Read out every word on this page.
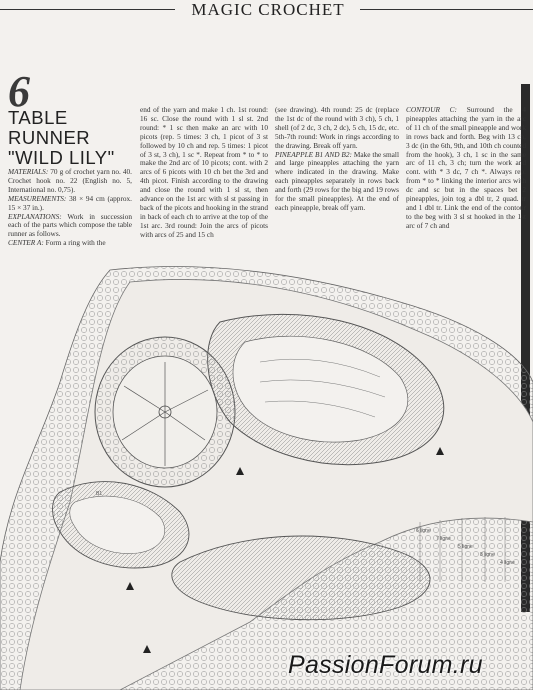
MAGIC CROCHET
6
TABLE
RUNNER
"WILD LILY"

MATERIALS: 70 g of crochet yarn no. 40. Crochet hook no. 22 (English no. 5, International no. 0,75).

MEASUREMENTS: 38 × 94 cm (approx. 15 × 37 in.).

EXPLANATIONS: Work in succession each of the parts which compose the table runner as follows.

CENTER A: Form a ring with the

end of the yarn and make 1 ch. 1st round: 16 sc. Close the round with 1 sl st. 2nd round: * 1 sc then make an arc with 10 picots (rep. 5 times: 3 ch, 1 picot of 3 st followed by 10 ch and rep. 5 times: 1 picot of 3 st, 3 ch), 1 sc *. Repeat from * to * to make the 2nd arc of 10 picots; cont. with 2 arcs of 6 picots with 10 ch bet the 3rd and 4th picot. Finish according to the drawing and close the round with 1 sl st, then advance on the 1st arc with sl st passing in back of the picots and hooking in the strand in back of each ch to arrive at the top of the 1st arc. 3rd round: Join the arcs of picots with arcs of 25 and 15 ch

(see drawing). 4th round: 25 dc (replace the 1st dc of the round with 3 ch), 5 ch, 1 shell (of 2 dc, 3 ch, 2 dc), 5 ch, 15 dc, etc. 5th-7th round: Work in rings according to the drawing. Break off yarn.

PINEAPPLE B1 AND B2: Make the small and large pineapples attaching the yarn where indicated in the drawing. Make each pineapples separately in rows back and forth (29 rows for the big and 19 rows for the small pineapples). At the end of each pineapple, break off yarn.

CONTOUR C: Surround the 4 pineapples attaching the yarn in the arc of 11 ch of the small pineapple and work in rows back and forth. Beg with 13 ch, 3 dc (in the 6th, 9th, and 10th ch counted from the hook), 3 ch, 1 sc in the same arc of 11 ch, 3 ch; turn the work and cont. with * 3 dc, 7 ch *. Always rep. from * to * linking the interior arcs with dc and sc but in the spaces bet 2 pineapples, join tog a dbl tr, 2 quad. tr and 1 dbl tr. Link the end of the contour to the beg with 3 sl st hooked in the 1st arc of 7 ch and

B1
6 ligne
7 ligne
5 ligne
8 ligne
4 ligne
PassionForum.ru
